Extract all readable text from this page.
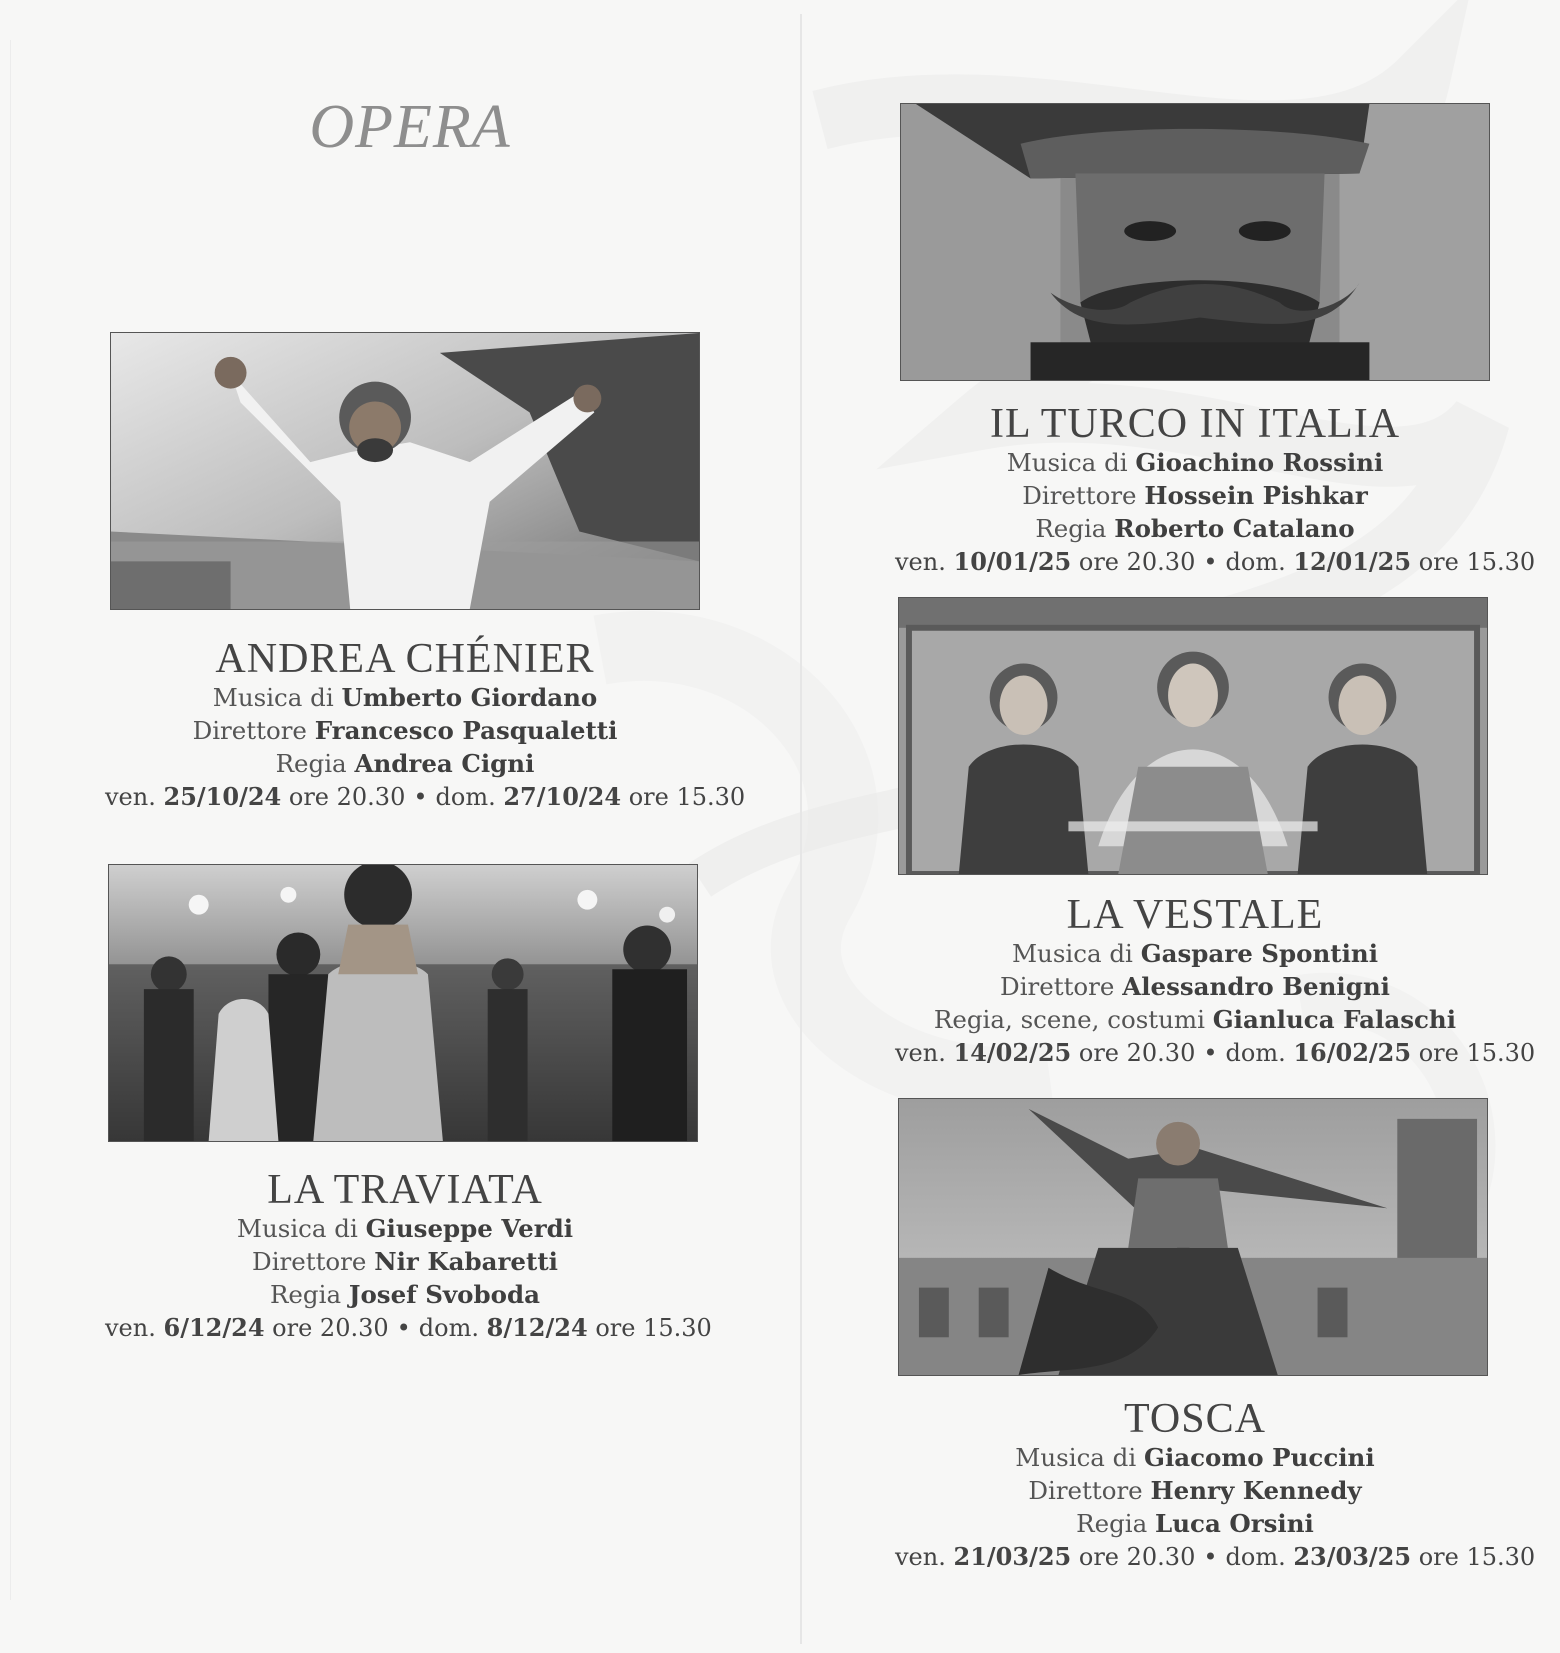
OPERA
ANDREA CHÉNIER
Musica di Umberto Giordano
Direttore Francesco Pasqualetti
Regia Andrea Cigni
ven. 25/10/24 ore 20.30 • dom. 27/10/24 ore 15.30
LA TRAVIATA
Musica di Giuseppe Verdi
Direttore Nir Kabaretti
Regia Josef Svoboda
ven. 6/12/24 ore 20.30 • dom. 8/12/24 ore 15.30
IL TURCO IN ITALIA
Musica di Gioachino Rossini
Direttore Hossein Pishkar
Regia Roberto Catalano
ven. 10/01/25 ore 20.30 • dom. 12/01/25 ore 15.30
LA VESTALE
Musica di Gaspare Spontini
Direttore Alessandro Benigni
Regia, scene, costumi Gianluca Falaschi
ven. 14/02/25 ore 20.30 • dom. 16/02/25 ore 15.30
TOSCA
Musica di Giacomo Puccini
Direttore Henry Kennedy
Regia Luca Orsini
ven. 21/03/25 ore 20.30 • dom. 23/03/25 ore 15.30
